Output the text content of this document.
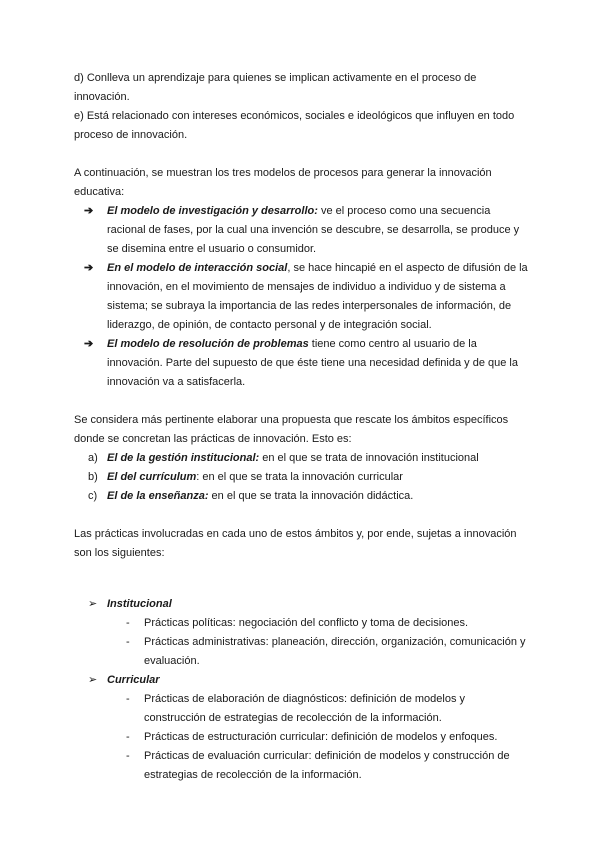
d) Conlleva un aprendizaje para quienes se implican activamente en el proceso de innovación.

e) Está relacionado con intereses económicos, sociales e ideológicos que influyen en todo proceso de innovación.

A continuación, se muestran los tres modelos de procesos para generar la innovación educativa:

➔ El modelo de investigación y desarrollo: ve el proceso como una secuencia racional de fases, por la cual una invención se descubre, se desarrolla, se produce y se disemina entre el usuario o consumidor.
➔ En el modelo de interacción social, se hace hincapié en el aspecto de difusión de la innovación, en el movimiento de mensajes de individuo a individuo y de sistema a sistema; se subraya la importancia de las redes interpersonales de información, de liderazgo, de opinión, de contacto personal y de integración social.
➔ El modelo de resolución de problemas tiene como centro al usuario de la innovación. Parte del supuesto de que éste tiene una necesidad definida y de que la innovación va a satisfacerla.

Se considera más pertinente elaborar una propuesta que rescate los ámbitos específicos donde se concretan las prácticas de innovación. Esto es:

a) El de la gestión institucional: en el que se trata de innovación institucional
b) El del currículum: en el que se trata la innovación curricular
c) El de la enseñanza: en el que se trata la innovación didáctica.

Las prácticas involucradas en cada uno de estos ámbitos y, por ende, sujetas a innovación son los siguientes:

➢ Institucional
- Prácticas políticas: negociación del conflicto y toma de decisiones.
- Prácticas administrativas: planeación, dirección, organización, comunicación y evaluación.
➢ Curricular
- Prácticas de elaboración de diagnósticos: definición de modelos y construcción de estrategias de recolección de la información.
- Prácticas de estructuración curricular: definición de modelos y enfoques.
- Prácticas de evaluación curricular: definición de modelos y construcción de estrategias de recolección de la información.
